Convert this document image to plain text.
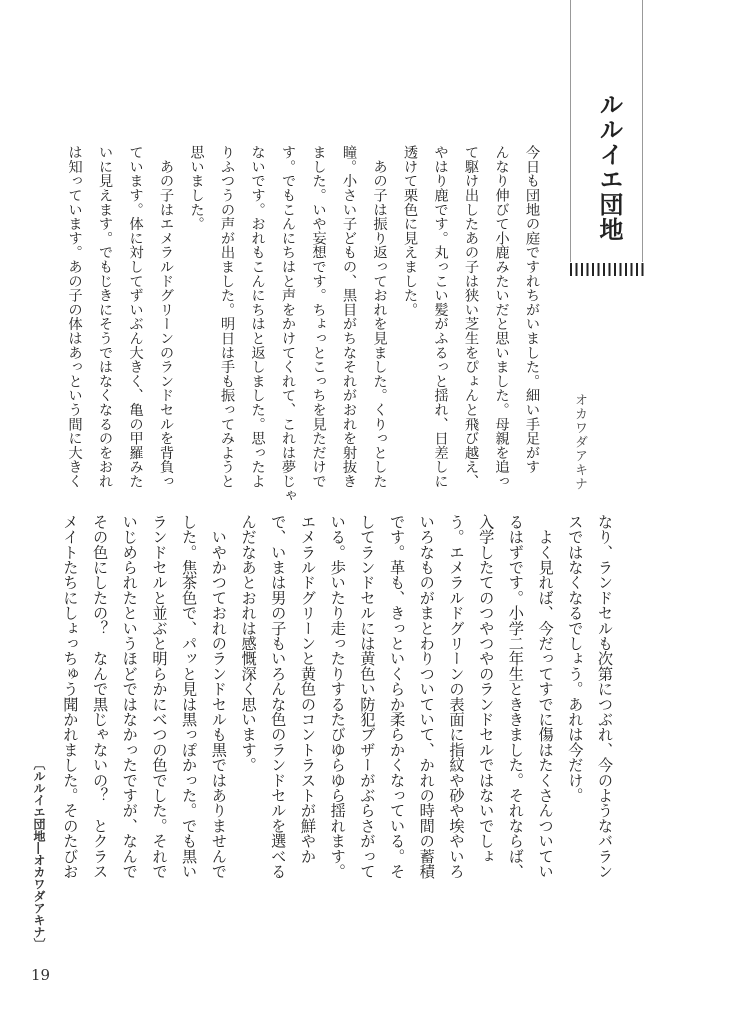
ルルイエ団地
オカワダアキナ
今日も団地の庭ですれちがいました。細い手足がす
んなり伸びて小鹿みたいだと思いました。母親を追っ
て駆け出したあの子は狭い芝生をぴょんと飛び越え、
やはり鹿です。丸っこい髪がふるっと揺れ、日差しに
透けて栗色に見えました。
　あの子は振り返っておれを見ました。くりっとした
瞳。小さい子どもの、黒目がちなそれがおれを射抜き
ました。いや妄想です。ちょっとこっちを見ただけで
す。でもこんにちはと声をかけてくれて、これは夢じゃ
ないです。おれもこんにちはと返しました。思ったよ
りふつうの声が出ました。明日は手も振ってみようと
思いました。
　あの子はエメラルドグリーンのランドセルを背負っ
ています。体に対してずいぶん大きく、亀の甲羅みた
いに見えます。でもじきにそうではなくなるのをおれ
は知っています。あの子の体はあっという間に大きく
なり、ランドセルも次第につぶれ、今のようなバラン
スではなくなるでしょう。あれは今だけ。
　よく見れば、今だってすでに傷はたくさんついてい
るはずです。小学二年生とききました。それならば、
入学したてのつやつやのランドセルではないでしょ
う。エメラルドグリーンの表面に指紋や砂や埃やいろ
いろなものがまとわりついていて、かれの時間の蓄積
です。革も、きっといくらか柔らかくなっている。そ
してランドセルには黄色い防犯ブザーがぶらさがって
いる。歩いたり走ったりするたびゆらゆら揺れます。
エメラルドグリーンと黄色のコントラストが鮮やか
で、いまは男の子もいろんな色のランドセルを選べる
んだなあとおれは感慨深く思います。
　いやかつておれのランドセルも黒ではありませんで
した。焦茶色で、パッと見は黒っぽかった。でも黒い
ランドセルと並ぶと明らかにべつの色でした。それで
いじめられたというほどではなかったですが、なんで
その色にしたの？　なんで黒じゃないの？　とクラス
メイトたちにしょっちゅう聞かれました。そのたびお
〔ルルイエ団地―オカワダアキナ〕
19
